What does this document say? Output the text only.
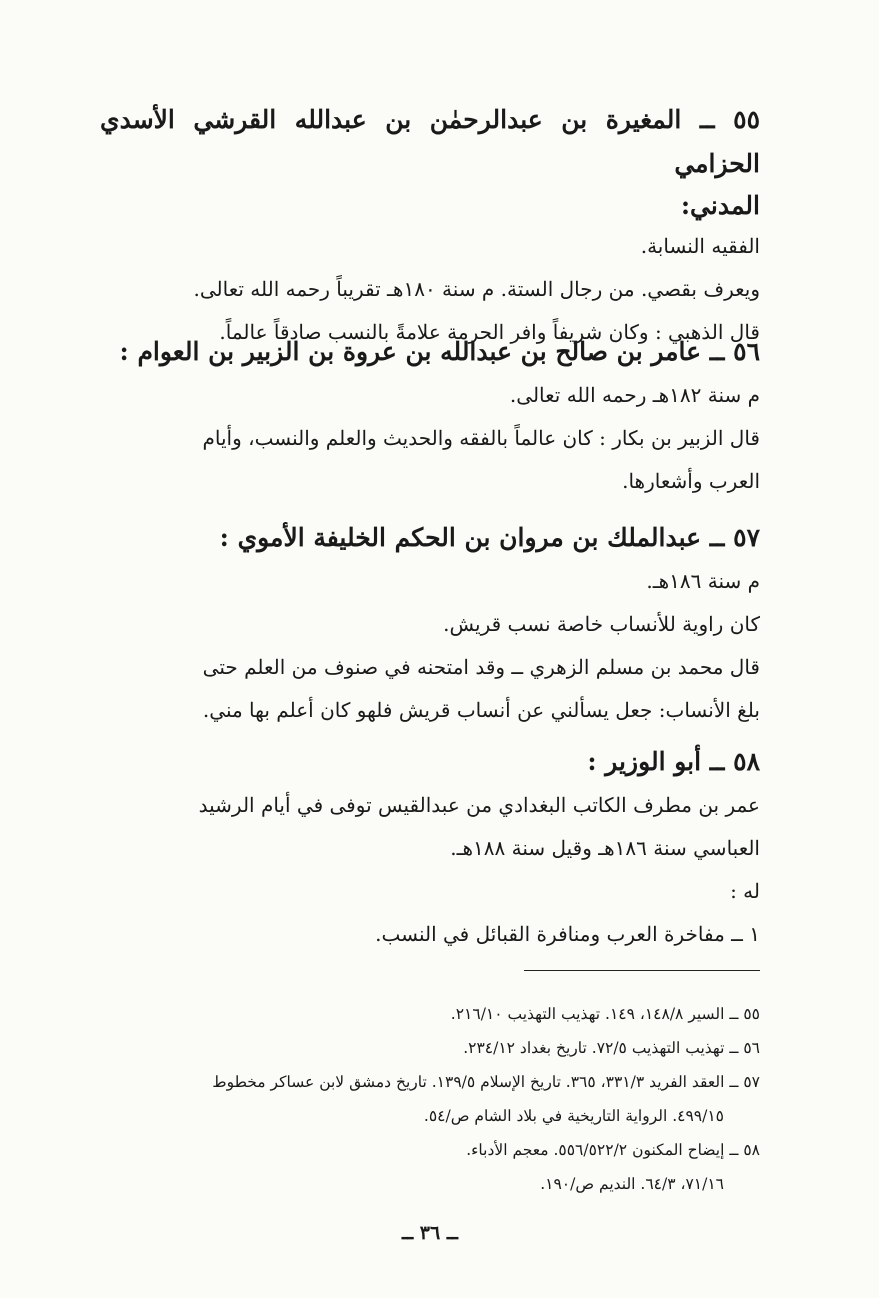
٥٥ ــ المغيرة بن عبدالرحمٰن بن عبدالله القرشي الأسدي الحزامي

المدني:

الفقيه النسابة.

ويعرف بقصي. من رجال الستة. م سنة ١٨٠هـ تقريباً رحمه الله تعالى.

قال الذهبي : وكان شريفاً وافر الحرمة علامةً بالنسب صادقاً عالماً.

٥٦ ــ عامر بن صالح بن عبدالله بن عروة بن الزبير بن العوام :

م سنة ١٨٢هـ رحمه الله تعالى.

قال الزبير بن بكار : كان عالماً بالفقه والحديث والعلم والنسب، وأيام

العرب وأشعارها.

٥٧ ــ عبدالملك بن مروان بن الحكم الخليفة الأموي :

م سنة ١٨٦هـ.

كان راوية للأنساب خاصة نسب قريش.

قال محمد بن مسلم الزهري ــ وقد امتحنه في صنوف من العلم حتى

بلغ الأنساب: جعل يسألني عن أنساب قريش فلهو كان أعلم بها مني.

٥٨ ــ أبو الوزير :

عمر بن مطرف الكاتب البغدادي من عبدالقيس توفى في أيام الرشيد

العباسي سنة ١٨٦هـ وقيل سنة ١٨٨هـ.

له :

١ ــ مفاخرة العرب ومنافرة القبائل في النسب.

٥٥ ــ السير ١٤٨/٨، ١٤٩. تهذيب التهذيب ٢١٦/١٠.

٥٦ ــ تهذيب التهذيب ٧٢/٥. تاريخ بغداد ٢٣٤/١٢.

٥٧ ــ العقد الفريد ٣٣١/٣، ٣٦٥. تاريخ الإسلام ١٣٩/٥. تاريخ دمشق لابن عساكر مخطوط

٤٩٩/١٥. الرواية التاريخية في بلاد الشام ص/٥٤.

٥٨ ــ إيضاح المكنون ٥٥٦/٥٢٢/٢. معجم الأدباء.

٧١/١٦، ٦٤/٣. النديم ص/١٩٠.

ــ ٣٦ ــ
